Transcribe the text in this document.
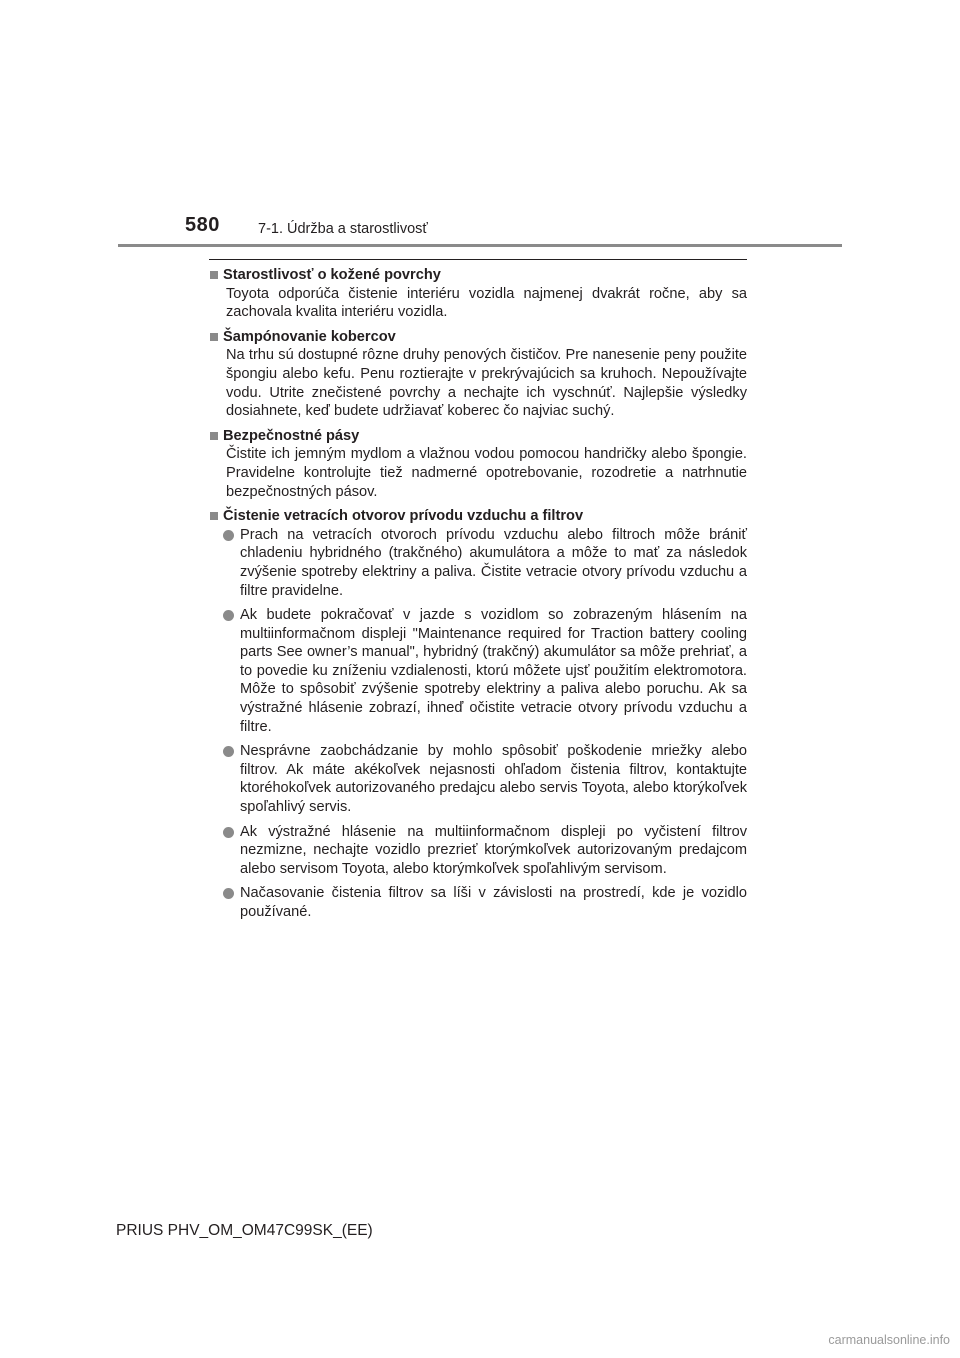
580	7-1. Údržba a starostlivosť

Starostlivosť o kožené povrchy

Toyota odporúča čistenie interiéru vozidla najmenej dvakrát ročne, aby sa zachovala kvalita interiéru vozidla.

Šampónovanie kobercov

Na trhu sú dostupné rôzne druhy penových čističov. Pre nanesenie peny použite špongiu alebo kefu. Penu roztierajte v prekrývajúcich sa kruhoch. Nepoužívajte vodu. Utrite znečistené povrchy a nechajte ich vyschnúť. Najlepšie výsledky dosiahnete, keď budete udržiavať koberec čo najviac suchý.

Bezpečnostné pásy

Čistite ich jemným mydlom a vlažnou vodou pomocou handričky alebo špongie. Pravidelne kontrolujte tiež nadmerné opotrebovanie, rozodretie a natrhnutie bezpečnostných pásov.

Čistenie vetracích otvorov prívodu vzduchu a filtrov

Prach na vetracích otvoroch prívodu vzduchu alebo filtroch môže brániť chladeniu hybridného (trakčného) akumulátora a môže to mať za následok zvýšenie spotreby elektriny a paliva. Čistite vetracie otvory prívodu vzduchu a filtre pravidelne.

Ak budete pokračovať v jazde s vozidlom so zobrazeným hlásením na multiinformačnom displeji "Maintenance required for Traction battery cooling parts See owner’s manual", hybridný (trakčný) akumulátor sa môže prehriať, a to povedie ku zníženiu vzdialenosti, ktorú môžete ujsť použitím elektromotora. Môže to spôsobiť zvýšenie spotreby elektriny a paliva alebo poruchu. Ak sa výstražné hlásenie zobrazí, ihneď očistite vetracie otvory prívodu vzduchu a filtre.

Nesprávne zaobchádzanie by mohlo spôsobiť poškodenie mriežky alebo filtrov. Ak máte akékoľvek nejasnosti ohľadom čistenia filtrov, kontaktujte ktoréhokoľvek autorizovaného predajcu alebo servis Toyota, alebo ktorýkoľvek spoľahlivý servis.

Ak výstražné hlásenie na multiinformačnom displeji po vyčistení filtrov nezmizne, nechajte vozidlo prezrieť ktorýmkoľvek autorizovaným predajcom alebo servisom Toyota, alebo ktorýmkoľvek spoľahlivým servisom.

Načasovanie čistenia filtrov sa líši v závislosti na prostredí, kde je vozidlo používané.

PRIUS PHV_OM_OM47C99SK_(EE)
carmanualsonline.info
